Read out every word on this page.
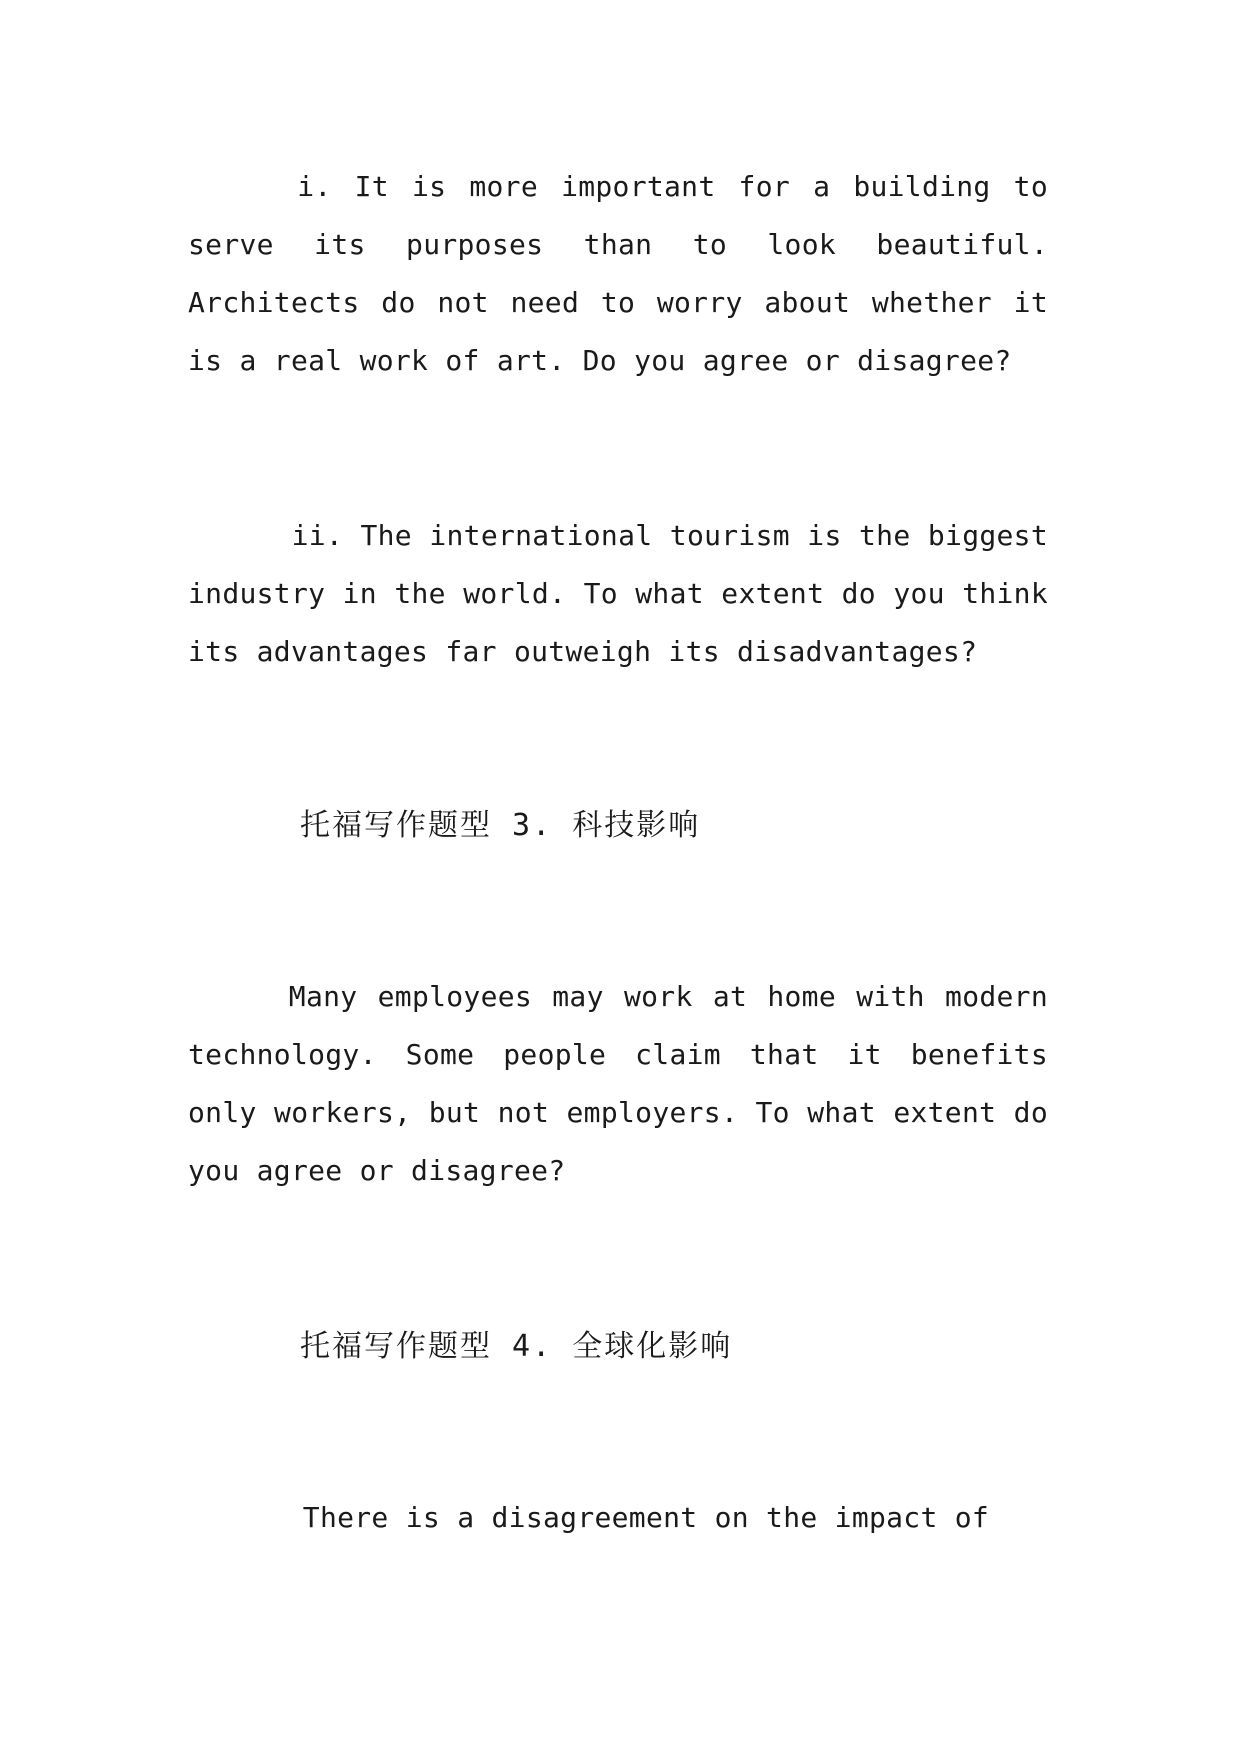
i. It is more important for a building to serve its purposes than to look beautiful. Architects do not need to worry about whether it is a real work of art. Do you agree or disagree?

ii. The international tourism is the biggest industry in the world. To what extent do you think its advantages far outweigh its disadvantages?

托福写作题型 3. 科技影响

Many employees may work at home with modern technology. Some people claim that it benefits only workers, but not employers. To what extent do you agree or disagree?

托福写作题型 4. 全球化影响

There is a disagreement on the impact of
